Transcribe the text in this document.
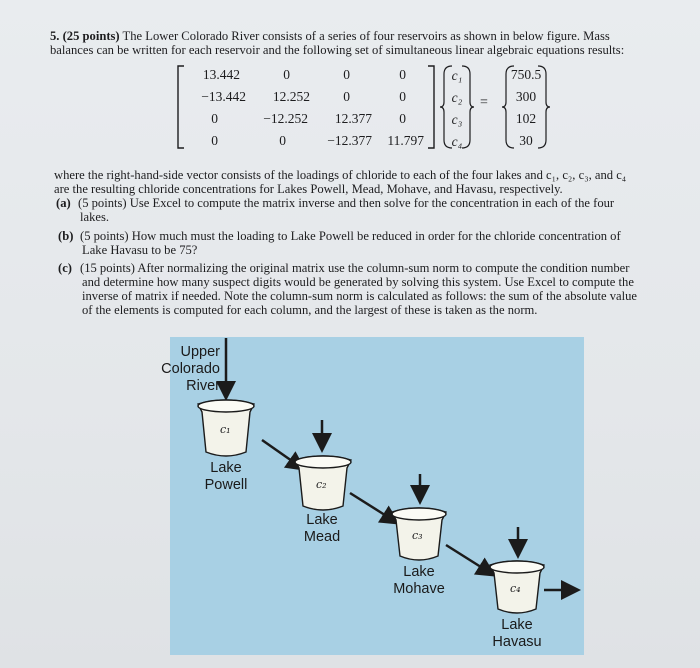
5. (25 points) The Lower Colorado River consists of a series of four reservoirs as shown in below figure. Mass
balances can be written for each reservoir and the following set of simultaneous linear algebraic equations results:
13.442	0	0	0
−13.442	12.252	0	0
0	−12.252	12.377	0
0	0	−12.377	11.797
c₁
c₂
c₃
c₄
=
750.5
300
102
30
where the right-hand-side vector consists of the loadings of chloride to each of the four lakes and c₁, c₂, c₃, and c₄
are the resulting chloride concentrations for Lakes Powell, Mead, Mohave, and Havasu, respectively.
(a) (5 points) Use Excel to compute the matrix inverse and then solve for the concentration in each of the four
lakes.
(b) (5 points) How much must the loading to Lake Powell be reduced in order for the chloride concentration of
Lake Havasu to be 75?
(c) (15 points) After normalizing the original matrix use the column-sum norm to compute the condition number
and determine how many suspect digits would be generated by solving this system. Use Excel to compute the
inverse of matrix if needed. Note the column-sum norm is calculated as follows: the sum of the absolute value
of the elements is computed for each column, and the largest of these is taken as the norm.
c₁
c₂
c₃
c₄
Upper
Colorado
River
Lake
Powell
Lake
Mead
Lake
Mohave
Lake
Havasu
